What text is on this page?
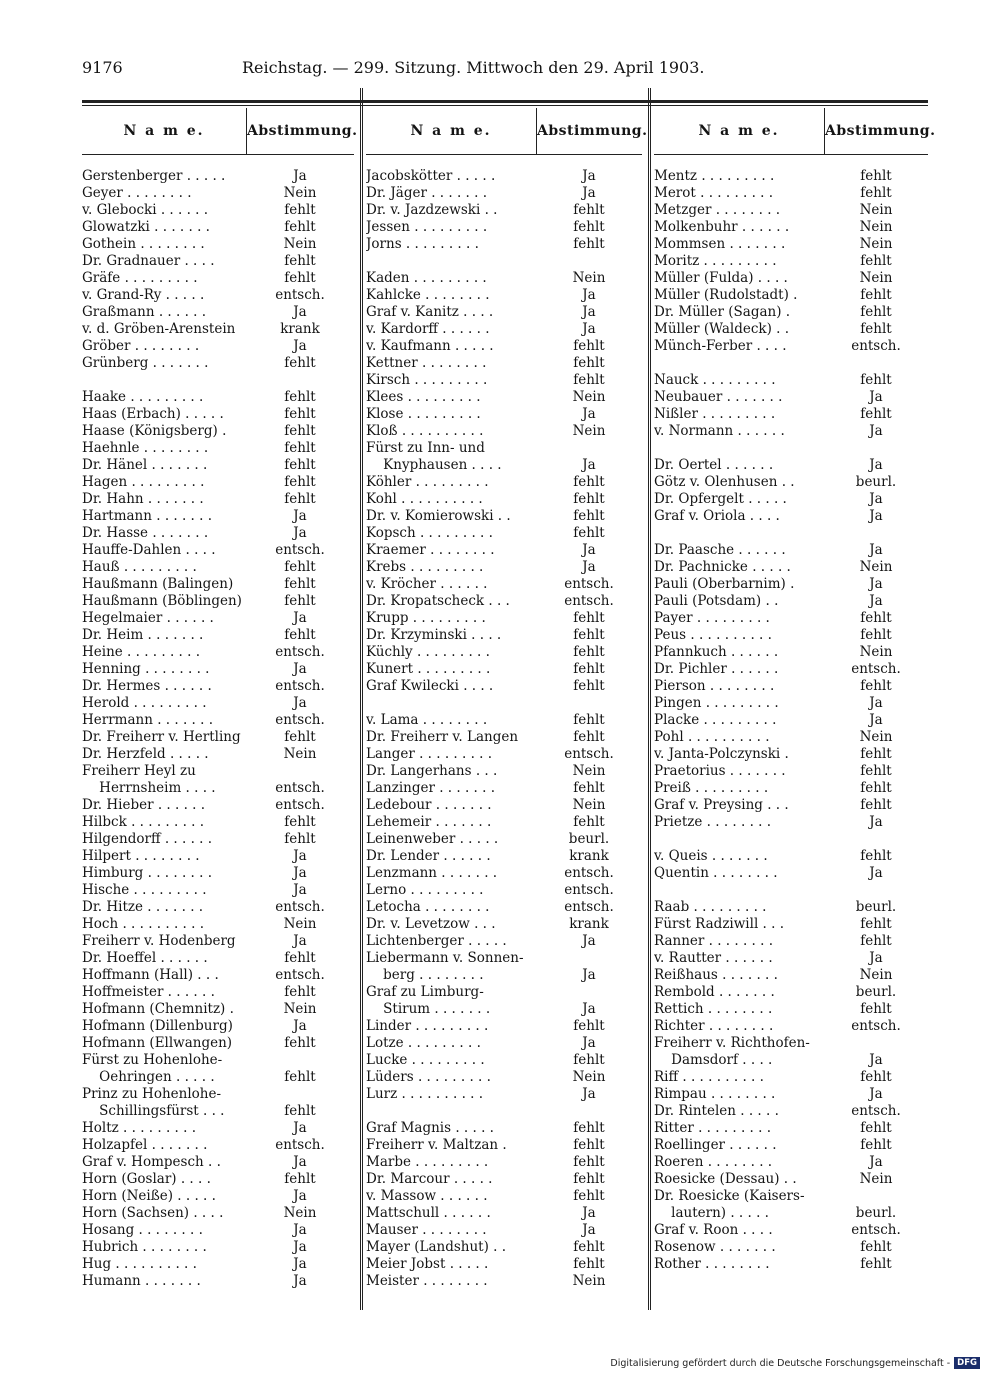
9176	Reichstag. — 299. Sitzung. Mittwoch den 29. April 1903.
N a m e.	Abstimmung.
Gerstenberger . . . . .	Ja
Geyer . . . . . . . .	Nein
v. Glebocki . . . . . .	fehlt
Glowatzki . . . . . . .	fehlt
Gothein . . . . . . . .	Nein
Dr. Gradnauer . . . .	fehlt
Gräfe . . . . . . . . .	fehlt
v. Grand-Ry . . . . .	entsch.
Graßmann . . . . . .	Ja
v. d. Gröben-Arenstein	krank
Gröber . . . . . . . .	Ja
Grünberg . . . . . . .	fehlt
Haake . . . . . . . . .	fehlt
Haas (Erbach) . . . . .	fehlt
Haase (Königsberg) .	fehlt
Haehnle . . . . . . . .	fehlt
Dr. Hänel . . . . . . .	fehlt
Hagen . . . . . . . . .	fehlt
Dr. Hahn . . . . . . .	fehlt
Hartmann . . . . . . .	Ja
Dr. Hasse . . . . . . .	Ja
Hauffe-Dahlen . . . .	entsch.
Hauß . . . . . . . . .	fehlt
Haußmann (Balingen)	fehlt
Haußmann (Böblingen)	fehlt
Hegelmaier . . . . . .	Ja
Dr. Heim . . . . . . .	fehlt
Heine . . . . . . . . .	entsch.
Henning . . . . . . . .	Ja
Dr. Hermes . . . . . .	entsch.
Herold . . . . . . . . .	Ja
Herrmann . . . . . . .	entsch.
Dr. Freiherr v. Hertling	fehlt
Dr. Herzfeld . . . . .	Nein
Freiherr Heyl zu
Herrnsheim . . . .	entsch.
Dr. Hieber . . . . . .	entsch.
Hilbck . . . . . . . . .	fehlt
Hilgendorff . . . . . .	fehlt
Hilpert . . . . . . . .	Ja
Himburg . . . . . . . .	Ja
Hische . . . . . . . . .	Ja
Dr. Hitze . . . . . . .	entsch.
Hoch . . . . . . . . . .	Nein
Freiherr v. Hodenberg	Ja
Dr. Hoeffel . . . . . .	fehlt
Hoffmann (Hall) . . .	entsch.
Hoffmeister . . . . . .	fehlt
Hofmann (Chemnitz) .	Nein
Hofmann (Dillenburg)	Ja
Hofmann (Ellwangen)	fehlt
Fürst zu Hohenlohe-
Oehringen . . . . .	fehlt
Prinz zu Hohenlohe-
Schillingsfürst . . .	fehlt
Holtz . . . . . . . . .	Ja
Holzapfel . . . . . . .	entsch.
Graf v. Hompesch . .	Ja
Horn (Goslar) . . . .	fehlt
Horn (Neiße) . . . . .	Ja
Horn (Sachsen) . . . .	Nein
Hosang . . . . . . . .	Ja
Hubrich . . . . . . . .	Ja
Hug . . . . . . . . . .	Ja
Humann . . . . . . .	Ja
N a m e.	Abstimmung.
Jacobskötter . . . . .	Ja
Dr. Jäger . . . . . . .	Ja
Dr. v. Jazdzewski . .	fehlt
Jessen . . . . . . . . .	fehlt
Jorns . . . . . . . . .	fehlt
Kaden . . . . . . . . .	Nein
Kahlcke . . . . . . . .	Ja
Graf v. Kanitz . . . .	Ja
v. Kardorff . . . . . .	Ja
v. Kaufmann . . . . .	fehlt
Kettner . . . . . . . .	fehlt
Kirsch . . . . . . . . .	fehlt
Klees . . . . . . . . .	Nein
Klose . . . . . . . . .	Ja
Kloß . . . . . . . . . .	Nein
Fürst zu Inn- und
Knyphausen . . . .	Ja
Köhler . . . . . . . . .	fehlt
Kohl . . . . . . . . . .	fehlt
Dr. v. Komierowski . .	fehlt
Kopsch . . . . . . . . .	fehlt
Kraemer . . . . . . . .	Ja
Krebs . . . . . . . . .	Ja
v. Kröcher . . . . . .	entsch.
Dr. Kropatscheck . . .	entsch.
Krupp . . . . . . . . .	fehlt
Dr. Krzyminski . . . .	fehlt
Küchly . . . . . . . . .	fehlt
Kunert . . . . . . . . .	fehlt
Graf Kwilecki . . . .	fehlt
v. Lama . . . . . . . .	fehlt
Dr. Freiherr v. Langen	fehlt
Langer . . . . . . . . .	entsch.
Dr. Langerhans . . .	Nein
Lanzinger . . . . . . .	fehlt
Ledebour . . . . . . .	Nein
Lehemeir . . . . . . .	fehlt
Leinenweber . . . . .	beurl.
Dr. Lender . . . . . .	krank
Lenzmann . . . . . . .	entsch.
Lerno . . . . . . . . .	entsch.
Letocha . . . . . . . .	entsch.
Dr. v. Levetzow . . .	krank
Lichtenberger . . . . .	Ja
Liebermann v. Sonnen-
berg . . . . . . . .	Ja
Graf zu Limburg-
Stirum . . . . . . .	Ja
Linder . . . . . . . . .	fehlt
Lotze . . . . . . . . .	Ja
Lucke . . . . . . . . .	fehlt
Lüders . . . . . . . . .	Nein
Lurz . . . . . . . . . .	Ja
Graf Magnis . . . . .	fehlt
Freiherr v. Maltzan .	fehlt
Marbe . . . . . . . . .	fehlt
Dr. Marcour . . . . .	fehlt
v. Massow . . . . . .	fehlt
Mattschull . . . . . .	Ja
Mauser . . . . . . . .	Ja
Mayer (Landshut) . .	fehlt
Meier Jobst . . . . .	fehlt
Meister . . . . . . . .	Nein
N a m e.	Abstimmung.
Mentz . . . . . . . . .	fehlt
Merot . . . . . . . . .	fehlt
Metzger . . . . . . . .	Nein
Molkenbuhr . . . . . .	Nein
Mommsen . . . . . . .	Nein
Moritz . . . . . . . . .	fehlt
Müller (Fulda) . . . .	Nein
Müller (Rudolstadt) .	fehlt
Dr. Müller (Sagan) .	fehlt
Müller (Waldeck) . .	fehlt
Münch-Ferber . . . .	entsch.
Nauck . . . . . . . . .	fehlt
Neubauer . . . . . . .	Ja
Nißler . . . . . . . . .	fehlt
v. Normann . . . . . .	Ja
Dr. Oertel . . . . . .	Ja
Götz v. Olenhusen . .	beurl.
Dr. Opfergelt . . . . .	Ja
Graf v. Oriola . . . .	Ja
Dr. Paasche . . . . . .	Ja
Dr. Pachnicke . . . . .	Nein
Pauli (Oberbarnim) .	Ja
Pauli (Potsdam) . .	Ja
Payer . . . . . . . . .	fehlt
Peus . . . . . . . . . .	fehlt
Pfannkuch . . . . . .	Nein
Dr. Pichler . . . . . .	entsch.
Pierson . . . . . . . .	fehlt
Pingen . . . . . . . . .	Ja
Placke . . . . . . . . .	Ja
Pohl . . . . . . . . . .	Nein
v. Janta-Polczynski .	fehlt
Praetorius . . . . . . .	fehlt
Preiß . . . . . . . . .	fehlt
Graf v. Preysing . . .	fehlt
Prietze . . . . . . . .	Ja
v. Queis . . . . . . .	fehlt
Quentin . . . . . . . .	Ja
Raab . . . . . . . . .	beurl.
Fürst Radziwill . . .	fehlt
Ranner . . . . . . . .	fehlt
v. Rautter . . . . . .	Ja
Reißhaus . . . . . . .	Nein
Rembold . . . . . . .	beurl.
Rettich . . . . . . . .	fehlt
Richter . . . . . . . .	entsch.
Freiherr v. Richthofen-
Damsdorf . . . .	Ja
Riff . . . . . . . . . .	fehlt
Rimpau . . . . . . . .	Ja
Dr. Rintelen . . . . .	entsch.
Ritter . . . . . . . . .	fehlt
Roellinger . . . . . .	fehlt
Roeren . . . . . . . .	Ja
Roesicke (Dessau) . .	Nein
Dr. Roesicke (Kaisers-
lautern) . . . . .	beurl.
Graf v. Roon . . . .	entsch.
Rosenow . . . . . . .	fehlt
Rother . . . . . . . .	fehlt
Digitalisierung gefördert durch die Deutsche Forschungsgemeinschaft - DFG
